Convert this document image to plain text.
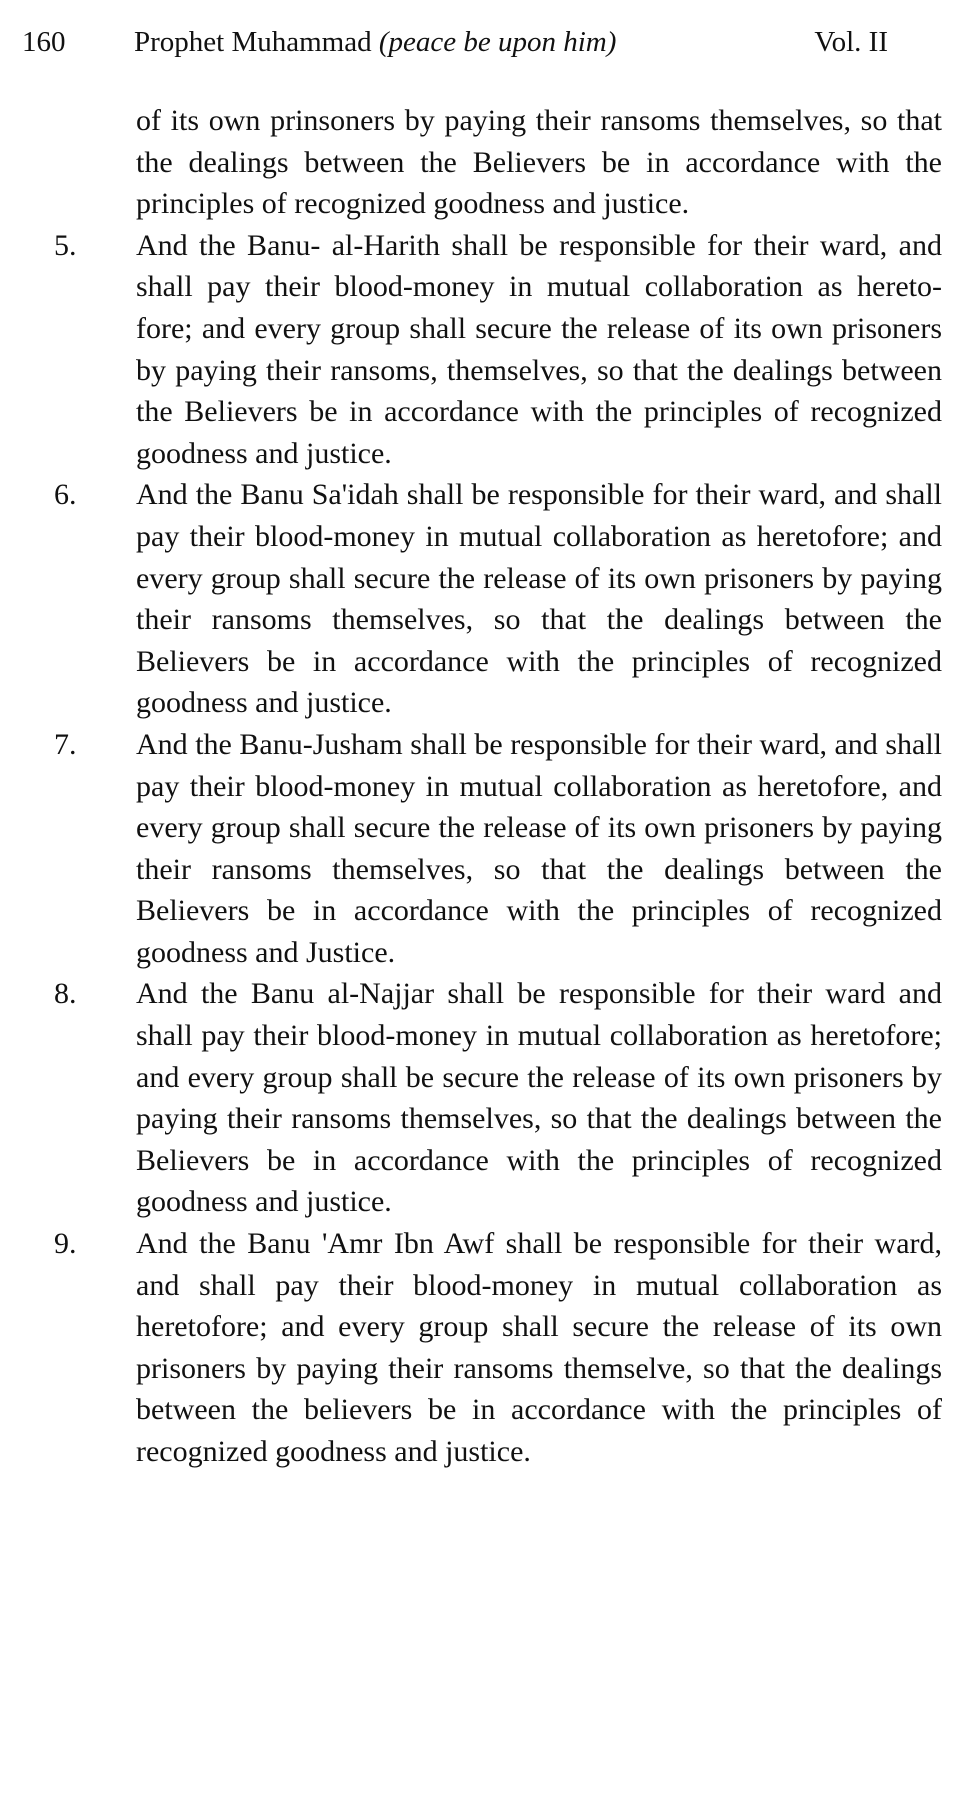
160 Prophet Muhammad (peace be upon him)	Vol. II

of its own prinsoners by paying their ransoms themselves, so that the dealings between the Believers be in accordance with the principles of recognized goodness and justice.

5.	And the Banu- al-Harith shall be responsible for their ward, and shall pay their blood-money in mutual collaboration as hereto-fore; and every group shall secure the release of its own prisoners by paying their ransoms, themselves, so that the dealings between the Believers be in accordance with the principles of recognized goodness and justice.
6.	And the Banu Sa'idah shall be responsible for their ward, and shall pay their blood-money in mutual collaboration as heretofore; and every group shall secure the release of its own prisoners by paying their ransoms themselves, so that the dealings between the Believers be in accordance with the principles of recognized goodness and justice.
7.	And the Banu-Jusham shall be responsible for their ward, and shall pay their blood-money in mutual collaboration as heretofore, and every group shall secure the release of its own prisoners by paying their ransoms themselves, so that the dealings between the Believers be in accordance with the principles of recognized goodness and Justice.
8.	And the Banu al-Najjar shall be responsible for their ward and shall pay their blood-money in mutual collaboration as heretofore; and every group shall be secure the release of its own prisoners by paying their ransoms themselves, so that the dealings between the Believers be in accordance with the principles of recognized goodness and justice.
9.	And the Banu 'Amr Ibn Awf shall be responsible for their ward, and shall pay their blood-money in mutual collaboration as heretofore; and every group shall secure the release of its own prisoners by paying their ransoms themselve, so that the dealings between the believers be in accordance with the principles of recognized goodness and justice.
